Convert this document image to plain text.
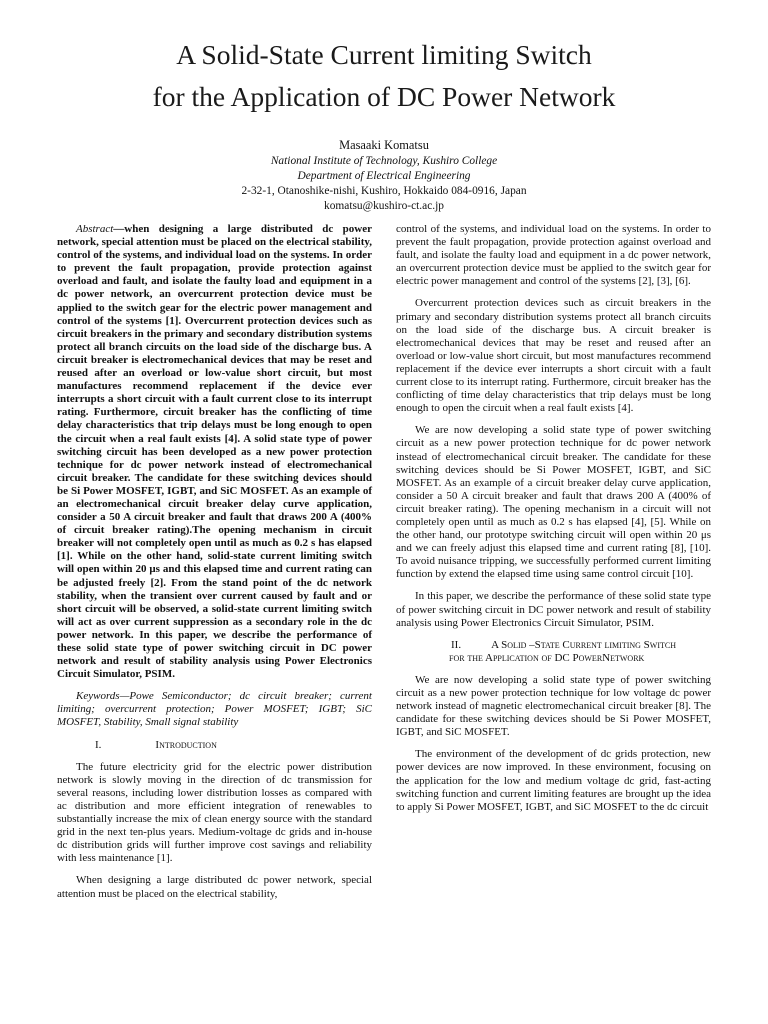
A Solid-State Current limiting Switch
for the Application of DC Power Network
Masaaki Komatsu
National Institute of Technology, Kushiro College
Department of Electrical Engineering
2-32-1, Otanoshike-nishi, Kushiro, Hokkaido 084-0916, Japan
komatsu@kushiro-ct.ac.jp

Abstract—when designing a large distributed dc power network, special attention must be placed on the electrical stability, control of the systems, and individual load on the systems. In order to prevent the fault propagation, provide protection against overload and fault, and isolate the faulty load and equipment in a dc power network, an overcurrent protection device must be applied to the switch gear for the electric power management and control of the systems [1]. Overcurrent protection devices such as circuit breakers in the primary and secondary distribution systems protect all branch circuits on the load side of the discharge bus. A circuit breaker is electromechanical devices that may be reset and reused after an overload or low-value short circuit, but most manufactures recommend replacement if the device ever interrupts a short circuit with a fault current close to its interrupt rating. Furthermore, circuit breaker has the conflicting of time delay characteristics that trip delays must be long enough to open the circuit when a real fault exists [4]. A solid state type of power switching circuit has been developed as a new power protection technique for dc power network instead of electromechanical circuit breaker. The candidate for these switching devices should be Si Power MOSFET, IGBT, and SiC MOSFET. As an example of an electromechanical circuit breaker delay curve application, consider a 50 A circuit breaker and fault that draws 200 A (400% of circuit breaker rating).The opening mechanism in circuit breaker will not completely open until as much as 0.2 s has elapsed [1]. While on the other hand, solid-state current limiting switch will open within 20 μs and this elapsed time and current rating can be adjusted freely [2]. From the stand point of the dc network stability, when the transient over current caused by fault and or short circuit will be observed, a solid-state current limiting switch will act as over current suppression as a secondary role in the dc power network. In this paper, we describe the performance of these solid state type of power switching circuit in DC power network and result of stability analysis using Power Electronics Circuit Simulator, PSIM.

Keywords—Powe Semiconductor; dc circuit breaker; current limiting; overcurrent protection; Power MOSFET; IGBT; SiC MOSFET, Stability, Small signal stability

I.	Introduction

The future electricity grid for the electric power distribution network is slowly moving in the direction of dc transmission for several reasons, including lower distribution losses as compared with ac distribution and more efficient integration of renewables to substantially increase the mix of clean energy source with the standard grid in the next ten-plus years. Medium-voltage dc grids and in-house dc distribution grids will further improve cost savings and reliability with less maintenance [1].

When designing a large distributed dc power network, special attention must be placed on the electrical stability,

control of the systems, and individual load on the systems. In order to prevent the fault propagation, provide protection against overload and fault, and isolate the faulty load and equipment in a dc power network, an overcurrent protection device must be applied to the switch gear for electric power management and control of the systems [2], [3], [6].

Overcurrent protection devices such as circuit breakers in the primary and secondary distribution systems protect all branch circuits on the load side of the discharge bus. A circuit breaker is electromechanical devices that may be reset and reused after an overload or low-value short circuit, but most manufactures recommend replacement if the device ever interrupts a short circuit with a fault current close to its interrupt rating. Furthermore, circuit breaker has the conflicting of time delay characteristics that trip delays must be long enough to open the circuit when a real fault exists [4].

We are now developing a solid state type of power switching circuit as a new power protection technique for dc power network instead of electromechanical circuit breaker. The candidate for these switching devices should be Si Power MOSFET, IGBT, and SiC MOSFET. As an example of a circuit breaker delay curve application, consider a 50 A circuit breaker and fault that draws 200 A (400% of circuit breaker rating). The opening mechanism in a circuit will not completely open until as much as 0.2 s has elapsed [4], [5]. While on the other hand, our prototype switching circuit will open within 20 μs and we can freely adjust this elapsed time and current rating [8], [10]. To avoid nuisance tripping, we successfully performed current limiting function by extend the elapsed time using same control circuit [10].

In this paper, we describe the performance of these solid state type of power switching circuit in DC power network and result of stability analysis using Power Electronics Circuit Simulator, PSIM.

II.	A Solid –State Current limiting Switch
for the Application of DC PowerNetwork

We are now developing a solid state type of power switching circuit as a new power protection technique for low voltage dc power network instead of magnetic electromechanical circuit breaker [8]. The candidate for these switching devices should be Si Power MOSFET, IGBT, and SiC MOSFET.

The environment of the development of dc grids protection, new power devices are now improved. In these environment, focusing on the application for the low and medium voltage dc grid, fast-acting switching function and current limiting features are brought up the idea to apply Si Power MOSFET, IGBT, and SiC MOSFET to the dc circuit
